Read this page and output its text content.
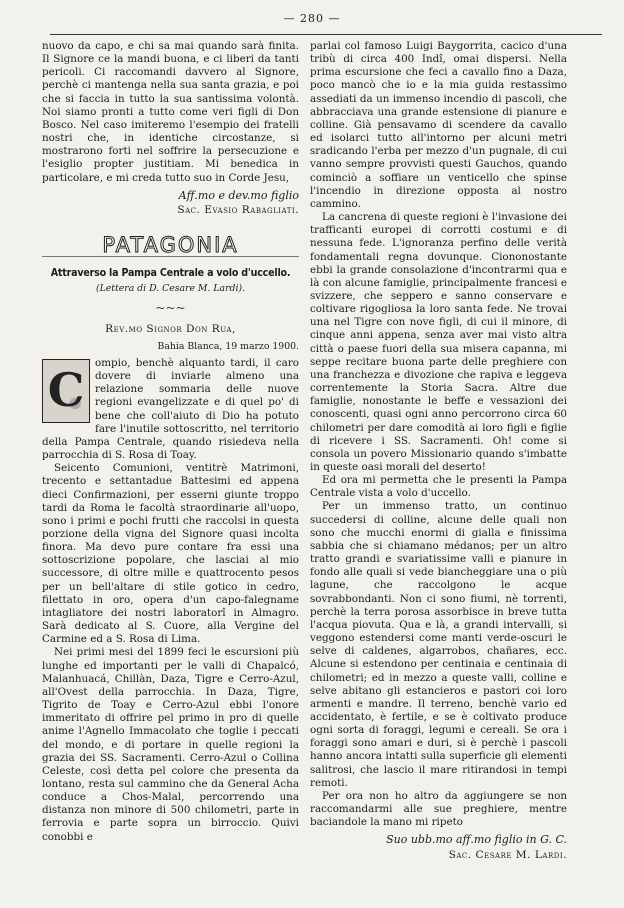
— 280 —

nuovo da capo, e chi sa mai quando sarà finita. Il Signore ce la mandi buona, e ci liberi da tanti pericoli. Ci raccomandi davvero al Signore, perchè ci mantenga nella sua santa grazia, e poi che si faccia in tutto la sua santissima volontà. Noi siamo pronti a tutto come veri figli di Don Bosco. Nel caso imiteremo l'esempio dei fratelli nostri che, in identiche circostanze, si mostrarono forti nel soffrire la persecuzione e l'esiglio propter justitiam. Mi benedica in particolare, e mi creda tutto suo in Corde Jesu,

Aff.mo e dev.mo figlio
Sac. Evasio Rabagliati.
PATAGONIA
Attraverso la Pampa Centrale a volo d'uccello.
(Lettera di D. Cesare M. Lardi).
~~~
Rev.mo Signor Don Rua,
Bahia Blanca, 19 marzo 1900.

C
ompio, benchè alquanto tardi, il caro dovere di inviarle almeno una relazione sommaria delle nuove regioni evangelizzate e di quel po' di bene che coll'aiuto di Dio ha potuto fare l'inutile sottoscritto, nel territorio della Pampa Centrale, quando risiedeva nella parrocchia di S. Rosa di Toay.

Seicento Comunioni, ventitrè Matrimoni, trecento e settantadue Battesimi ed appena dieci Confirmazioni, per esserni giunte troppo tardi da Roma le facoltà straordinarie all'uopo, sono i primi e pochi frutti che raccolsi in questa porzione della vigna del Signore quasi incolta finora. Ma devo pure contare fra essi una sottoscrizione popolare, che lasciai al mio successore, di oltre mille e quattrocento pesos per un bell'altare di stile gotico in cedro, filettato in oro, opera d'un capo-falegname intagliatore dei nostri laboratorî in Almagro. Sarà dedicato al S. Cuore, alla Vergine del Carmine ed a S. Rosa di Lima.

Nei primi mesi del 1899 feci le escursioni più lunghe ed importanti per le valli di Chapalcó, Malanhuacá, Chillàn, Daza, Tigre e Cerro-Azul, all'Ovest della parrocchia. In Daza, Tigre, Tigrito de Toay e Cerro-Azul ebbi l'onore immeritato di offrire pel primo in pro di quelle anime l'Agnello Immacolato che toglie i peccati del mondo, e di portare in quelle regioni la grazia dei SS. Sacramenti. Cerro-Azul o Collina Celeste, così detta pel colore che presenta da lontano, resta sul cammino che da General Acha conduce a Chos-Malal, percorrendo una distanza non minore di 500 chilometri, parte in ferrovia e parte sopra un birroccio. Quivi conobbi e

parlai col famoso Luigi Baygorrita, cacico d'una tribù di circa 400 Indî, omai dispersi. Nella prima escursione che feci a cavallo fino a Daza, poco mancò che io e la mia guida restassimo assediati da un immenso incendio di pascoli, che abbracciava una grande estensione di pianure e colline. Già pensavamo di scendere da cavallo ed isolarci tutto all'intorno per alcuni metri sradicando l'erba per mezzo d'un pugnale, di cui vanno sempre provvisti questi Gauchos, quando cominciò a soffiare un venticello che spinse l'incendio in direzione opposta al nostro cammino.

La cancrena di queste regioni è l'invasione dei trafficanti europei di corrotti costumi e di nessuna fede. L'ignoranza perfino delle verità fondamentali regna dovunque. Ciononostante ebbi la grande consolazione d'incontrarmi qua e là con alcune famiglie, principalmente francesi e svizzere, che seppero e sanno conservare e coltivare rigogliosa la loro santa fede. Ne trovai una nel Tigre con nove figli, di cui il minore, di cinque anni appena, senza aver mai visto altra città o paese fuori della sua misera capanna, mi seppe recitare buona parte delle preghiere con una franchezza e divozione che rapiva e leggeva correntemente la Storia Sacra. Altre due famiglie, nonostante le beffe e vessazioni dei conoscenti, quasi ogni anno percorrono circa 60 chilometri per dare comodità ai loro figli e figlie di ricevere i SS. Sacramenti. Oh! come si consola un povero Missionario quando s'imbatte in queste oasi morali del deserto!

Ed ora mi permetta che le presenti la Pampa Centrale vista a volo d'uccello.

Per un immenso tratto, un continuo succedersi di colline, alcune delle quali non sono che mucchi enormi di gialla e finissima sabbia che si chiamano médanos; per un altro tratto grandi e svariatissime valli e pianure in fondo alle quali si vede biancheggiare una o più lagune, che raccolgono le acque sovrabbondanti. Non ci sono fiumi, nè torrenti, perchè la terra porosa assorbisce in breve tutta l'acqua piovuta. Qua e là, a grandi intervalli, si veggono estendersi come manti verde-oscuri le selve di caldenes, algarrobos, chañares, ecc. Alcune si estendono per centinaia e centinaia di chilometri; ed in mezzo a queste valli, colline e selve abitano gli estancieros e pastori coi loro armenti e mandre. Il terreno, benchè vario ed accidentato, è fertile, e se è coltivato produce ogni sorta di foraggi, legumi e cereali. Se ora i foraggi sono amari e duri, si è perchè i pascoli hanno ancora intatti sulla superficie gli elementi salitrosi, che lascio il mare ritirandosi in tempi remoti.

Per ora non ho altro da aggiungere se non raccomandarmi alle sue preghiere, mentre baciandole la mano mi ripeto

Suo ubb.mo aff.mo figlio in G. C.
Sac. Cesare M. Lardi.
